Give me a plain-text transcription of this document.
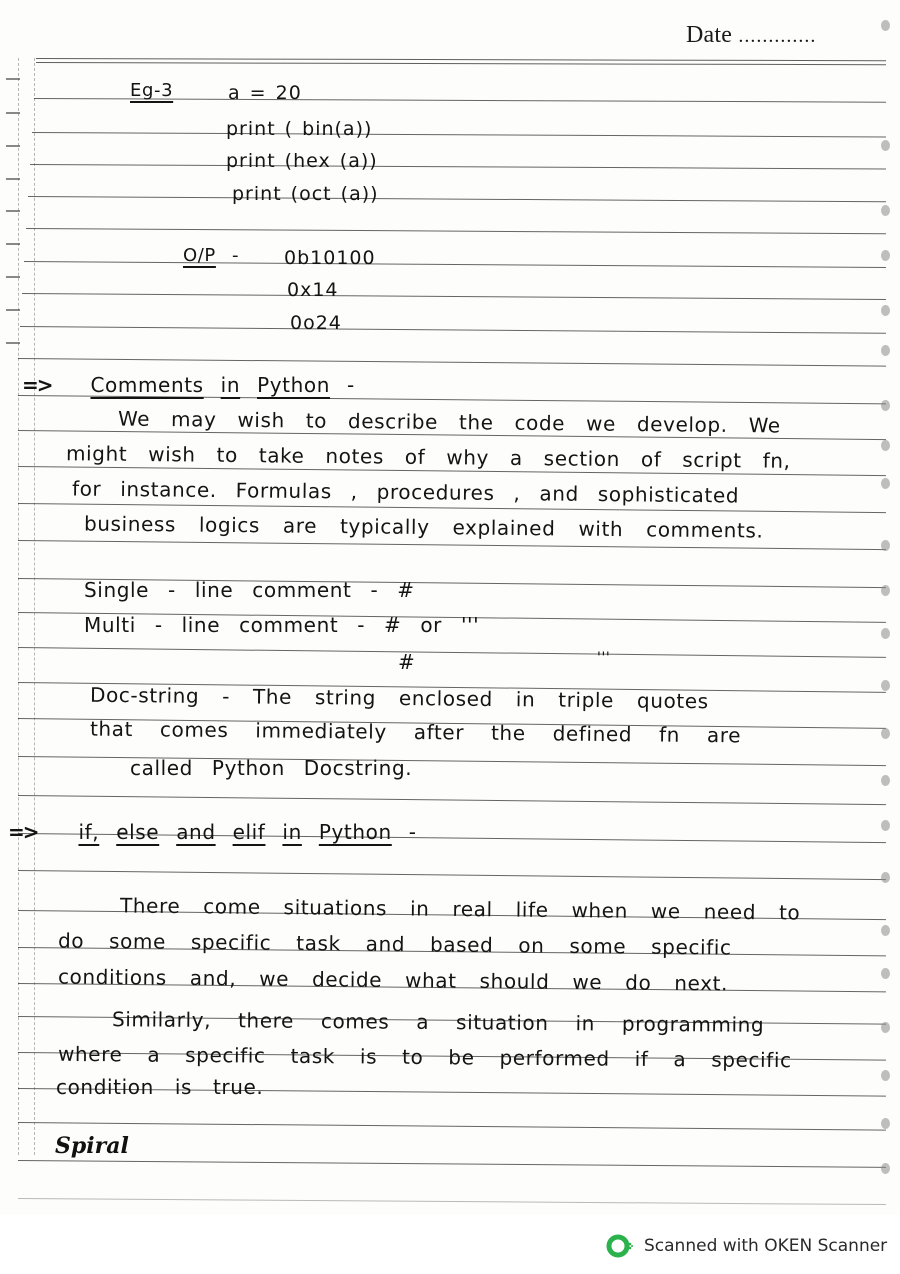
Date .............
Eg-3	a = 20
print ( bin(a))
print (hex (a))
print (oct (a))
O/P - 0b10100
0x14
0o24
=> Comments in Python -
We may wish to describe the code we develop. We
might wish to take notes of why a section of script fn,
for instance. Formulas , procedures , and sophisticated
business logics are typically explained with comments.
Single - line comment - #
Multi - line comment - # or '''
#	'''
Doc-string - The string enclosed in triple quotes
that comes immediately after the defined fn are
called Python Docstring.
=> if, else and elif in Python -
There come situations in real life when we need to
do some specific task and based on some specific
conditions and, we decide what should we do next.
Similarly, there comes a situation in programming
where a specific task is to be performed if a specific
condition is true.
Spiral
Scanned with OKEN Scanner
